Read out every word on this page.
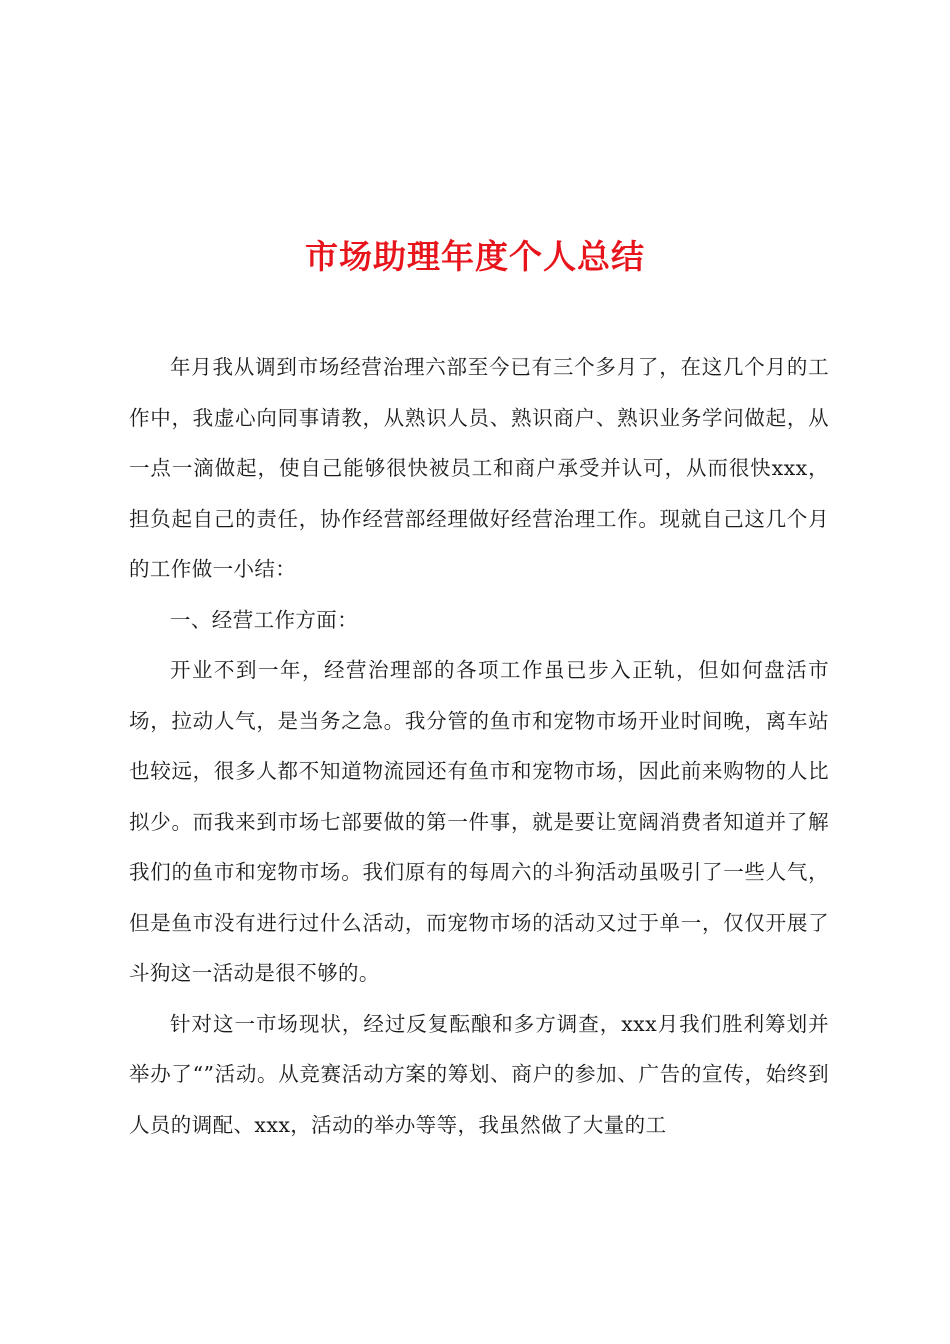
市场助理年度个人总结

年月我从调到市场经营治理六部至今已有三个多月了，在这几个月的工作中，我虚心向同事请教，从熟识人员、熟识商户、熟识业务学问做起，从一点一滴做起，使自己能够很快被员工和商户承受并认可，从而很快xxx，担负起自己的责任，协作经营部经理做好经营治理工作。现就自己这几个月的工作做一小结：

一、经营工作方面：

开业不到一年，经营治理部的各项工作虽已步入正轨，但如何盘活市场，拉动人气，是当务之急。我分管的鱼市和宠物市场开业时间晚，离车站也较远，很多人都不知道物流园还有鱼市和宠物市场，因此前来购物的人比拟少。而我来到市场七部要做的第一件事，就是要让宽阔消费者知道并了解我们的鱼市和宠物市场。我们原有的每周六的斗狗活动虽吸引了一些人气，但是鱼市没有进行过什么活动，而宠物市场的活动又过于单一，仅仅开展了斗狗这一活动是很不够的。

针对这一市场现状，经过反复酝酿和多方调查，xxx月我们胜利筹划并举办了“”活动。从竞赛活动方案的筹划、商户的参加、广告的宣传，始终到人员的调配、xxx，活动的举办等等，我虽然做了大量的工
